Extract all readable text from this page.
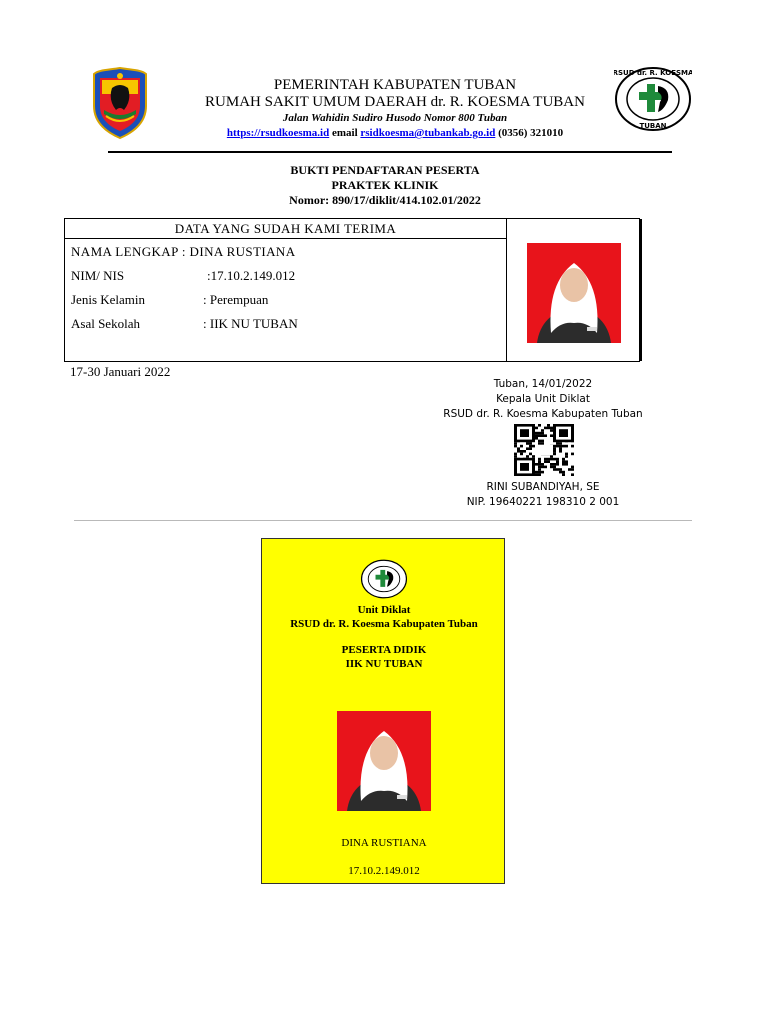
RSUD dr. R. KOESMA
TUBAN
PEMERINTAH KABUPATEN TUBAN
RUMAH SAKIT UMUM DAERAH dr. R. KOESMA TUBAN
Jalan Wahidin Sudiro Husodo Nomor 800 Tuban
https://rsudkoesma.id email rsidkoesma@tubankab.go.id (0356) 321010
BUKTI PENDAFTARAN PESERTA
PRAKTEK KLINIK
Nomor: 890/17/diklit/414.102.01/2022
DATA YANG SUDAH KAMI TERIMA
NAMA LENGKAP : DINA RUSTIANA
NIM/ NIS	:17.10.2.149.012
Jenis Kelamin	: Perempuan
Asal Sekolah	: IIK NU TUBAN
17-30 Januari 2022
Tuban, 14/01/2022
Kepala Unit Diklat
RSUD dr. R. Koesma Kabupaten Tuban
RINI SUBANDIYAH, SE
NIP. 19640221 198310 2 001
Unit Diklat
RSUD dr. R. Koesma Kabupaten Tuban
PESERTA DIDIK
IIK NU TUBAN
DINA RUSTIANA
17.10.2.149.012
